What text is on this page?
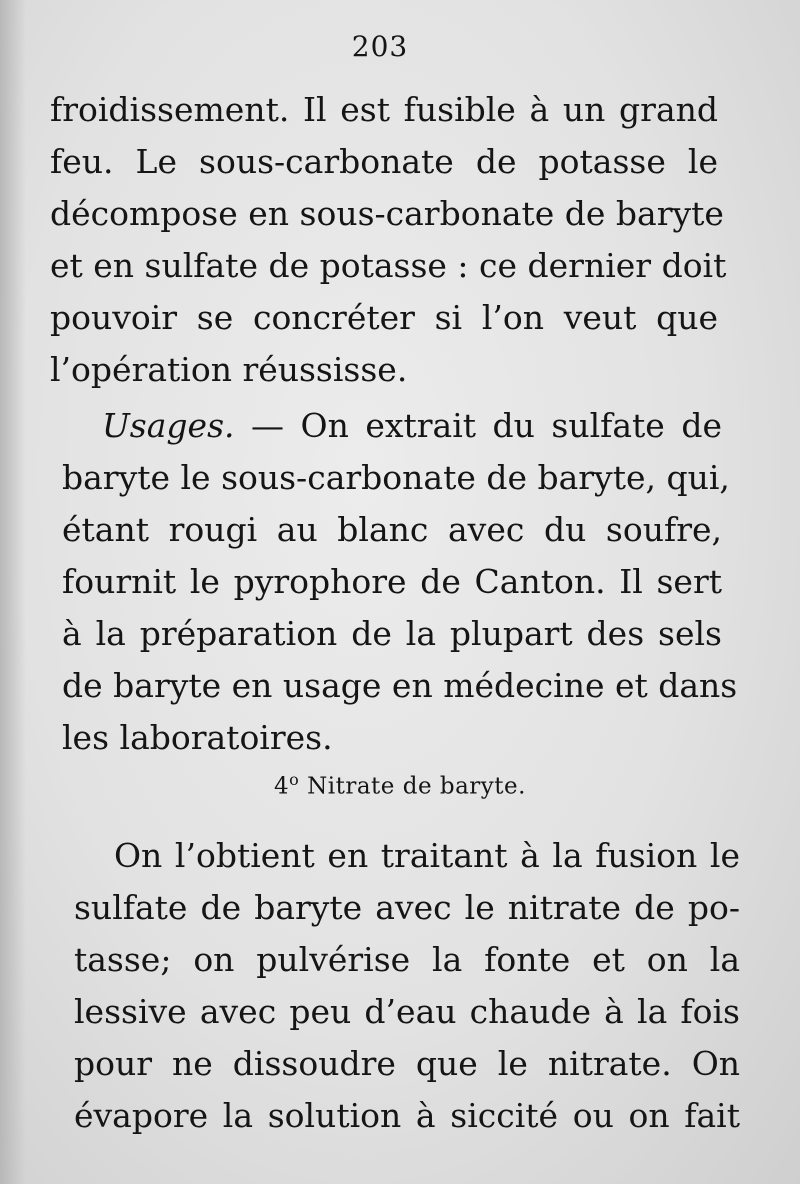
203
froidissement. Il est fusible à un grand
feu. Le sous-carbonate de potasse le
décompose en sous-carbonate de baryte
et en sulfate de potasse : ce dernier doit
pouvoir se concréter si l’on veut que
l’opération réussisse.
Usages. — On extrait du sulfate de
baryte le sous-carbonate de baryte, qui,
étant rougi au blanc avec du soufre,
fournit le pyrophore de Canton. Il sert
à la préparation de la plupart des sels
de baryte en usage en médecine et dans
les laboratoires.
4$^o$ Nitrate de baryte.
On l’obtient en traitant à la fusion le
sulfate de baryte avec le nitrate de po-
tasse; on pulvérise la fonte et on la
lessive avec peu d’eau chaude à la fois
pour ne dissoudre que le nitrate. On
évapore la solution à siccité ou on fait
